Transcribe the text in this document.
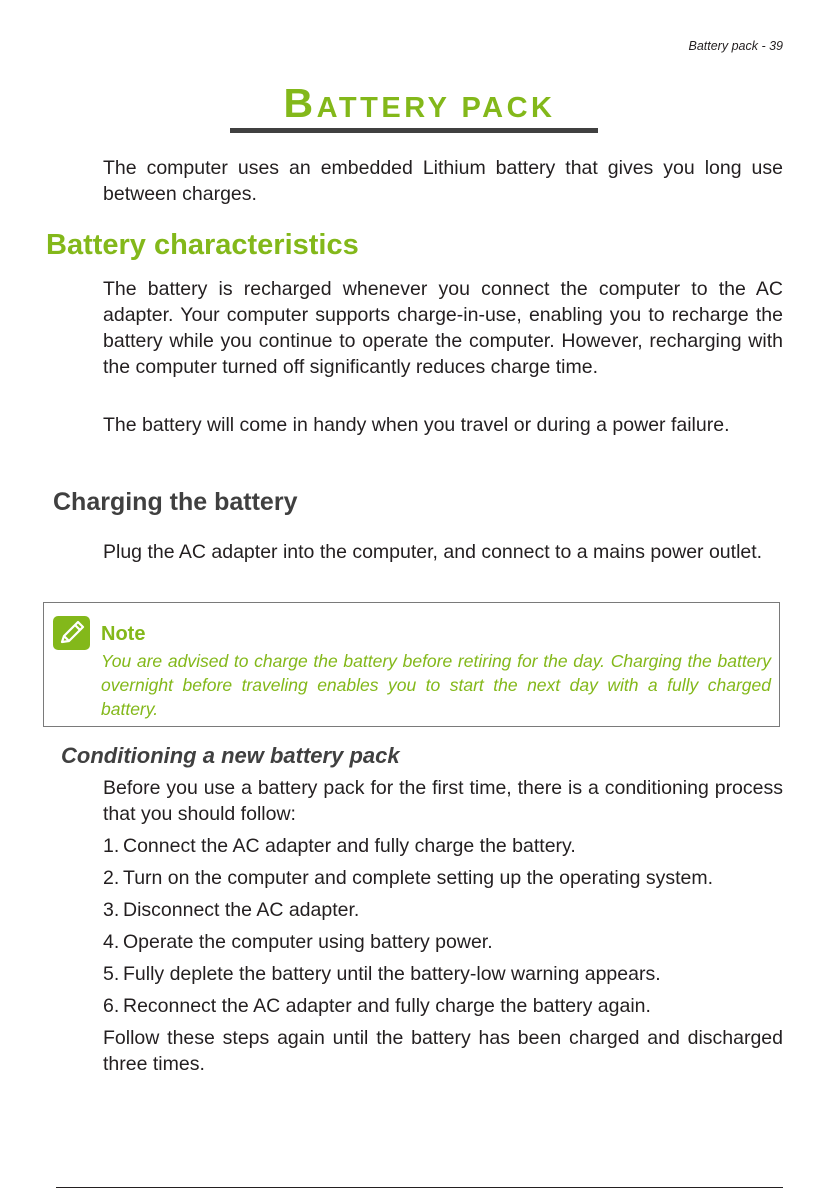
Battery pack - 39
BATTERY PACK

The computer uses an embedded Lithium battery that gives you long use between charges.

Battery characteristics

The battery is recharged whenever you connect the computer to the AC adapter. Your computer supports charge-in-use, enabling you to recharge the battery while you continue to operate the computer. However, recharging with the computer turned off significantly reduces charge time.

The battery will come in handy when you travel or during a power failure.

Charging the battery

Plug the AC adapter into the computer, and connect to a mains power outlet.

Note

You are advised to charge the battery before retiring for the day. Charging the battery overnight before traveling enables you to start the next day with a fully charged battery.

Conditioning a new battery pack

Before you use a battery pack for the first time, there is a conditioning process that you should follow:

1. Connect the AC adapter and fully charge the battery.
2. Turn on the computer and complete setting up the operating system.
3. Disconnect the AC adapter.
4. Operate the computer using battery power.
5. Fully deplete the battery until the battery-low warning appears.
6. Reconnect the AC adapter and fully charge the battery again.

Follow these steps again until the battery has been charged and discharged three times.
